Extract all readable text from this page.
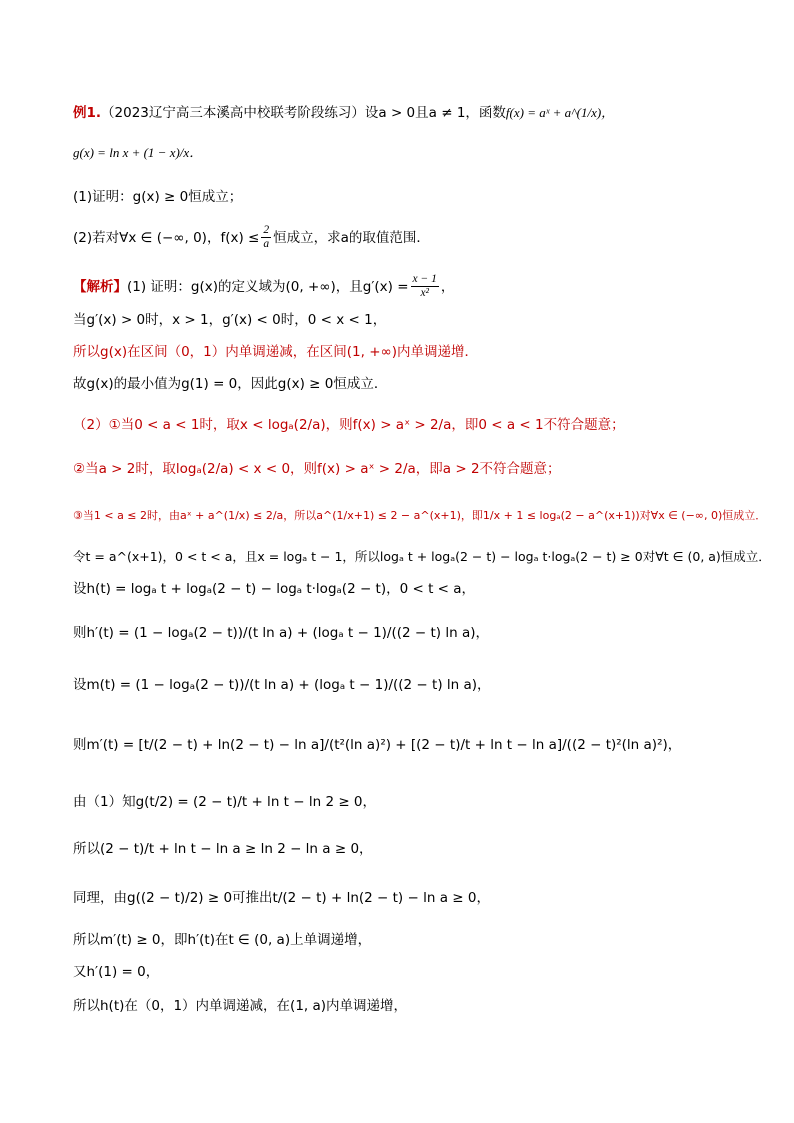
例1. （2023辽宁高三本溪高中校联考阶段练习） 设a > 0且a ≠ 1，函数 f(x) = aˣ + a^(1/x)，
g(x) = ln x + (1 − x)/x．
(1)证明：g(x) ≥ 0恒成立；
(2)若对∀x ∈ (−∞, 0)，$f(x) \le \frac{2}{a}$ 恒成立，求a的取值范围．
【解析】 (1) 证明：g(x)的定义域为(0, +∞)，且$g'(x) = \frac{x - 1}{\text{x²}}$ ，
当g′(x) > 0时，x > 1，g′(x) < 0时，0 < x < 1，
所以g(x)在区间（0，1）内单调递减，在区间(1, +∞)内单调递增．
故g(x)的最小值为g(1) = 0，因此g(x) ≥ 0恒成立．
（2）①当0 < a < 1时，取x < logₐ(2/a)，则f(x) > aˣ > 2/a，即0 < a < 1不符合题意；
②当a > 2时，取logₐ(2/a) < x < 0，则f(x) > aˣ > 2/a，即a > 2不符合题意；
③当1 < a ≤ 2时，由aˣ + a^(1/x) ≤ 2/a，所以a^(1/x+1) ≤ 2 − a^(x+1)，即1/x + 1 ≤ logₐ(2 − a^(x+1))对∀x ∈ (−∞, 0)恒成立．
令t = a^(x+1)，0 < t < a，且x = logₐ t − 1，所以logₐ t + logₐ(2 − t) − logₐ t·logₐ(2 − t) ≥ 0对∀t ∈ (0, a)恒成立．
设h(t) = logₐ t + logₐ(2 − t) − logₐ t·logₐ(2 − t)，0 < t < a，
则h′(t) = (1 − logₐ(2 − t))/(t ln a) + (logₐ t − 1)/((2 − t) ln a)，
设m(t) = (1 − logₐ(2 − t))/(t ln a) + (logₐ t − 1)/((2 − t) ln a)，
则m′(t) = [t/(2 − t) + ln(2 − t) − ln a]/(t²(ln a)²) + [(2 − t)/t + ln t − ln a]/((2 − t)²(ln a)²)，
由（1）知g(t/2) = (2 − t)/t + ln t − ln 2 ≥ 0，
所以(2 − t)/t + ln t − ln a ≥ ln 2 − ln a ≥ 0，
同理，由g((2 − t)/2) ≥ 0可推出t/(2 − t) + ln(2 − t) − ln a ≥ 0，
所以m′(t) ≥ 0，即h′(t)在t ∈ (0, a)上单调递增，
又h′(1) = 0，
所以h(t)在（0，1）内单调递减，在(1, a)内单调递增，
